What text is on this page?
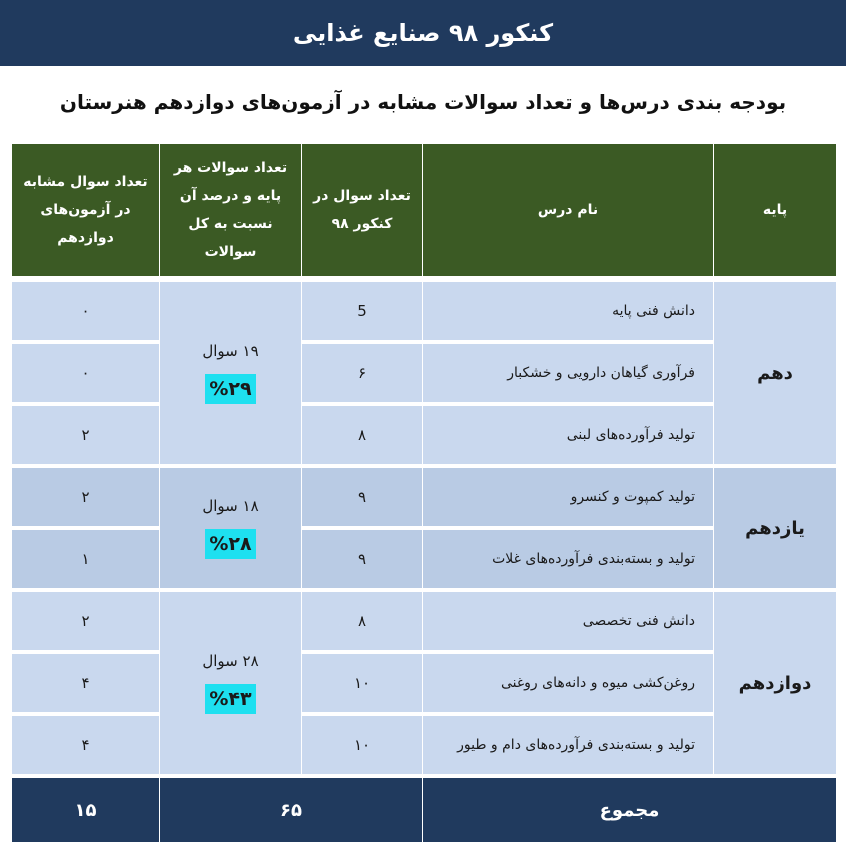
کنکور ۹۸ صنایع غذایی
بودجه بندی درس‌ها و تعداد سوالات مشابه در آزمون‌های دوازدهم هنرستان
پایه
نام درس
تعداد سوال در کنکور ۹۸
تعداد سوالات هر پایه و درصد آن نسبت به کل سوالات
تعداد سوال مشابه در آزمون‌های دوازدهم
دهم
۱۹ سوال
%۲۹
دانش فنی پایه
5
۰
فرآوری گیاهان دارویی و خشکبار
۶
۰
تولید فرآورده‌های لبنی
۸
۲
یازدهم
۱۸ سوال
%۲۸
تولید کمپوت و کنسرو
۹
۲
تولید و بسته‌بندی فرآورده‌های غلات
۹
۱
دوازدهم
۲۸ سوال
%۴۳
دانش فنی تخصصی
۸
۲
روغن‌کشی میوه و دانه‌های روغنی
۱۰
۴
تولید و بسته‌بندی فرآورده‌های دام و طیور
۱۰
۴
مجموع
۶۵
۱۵
